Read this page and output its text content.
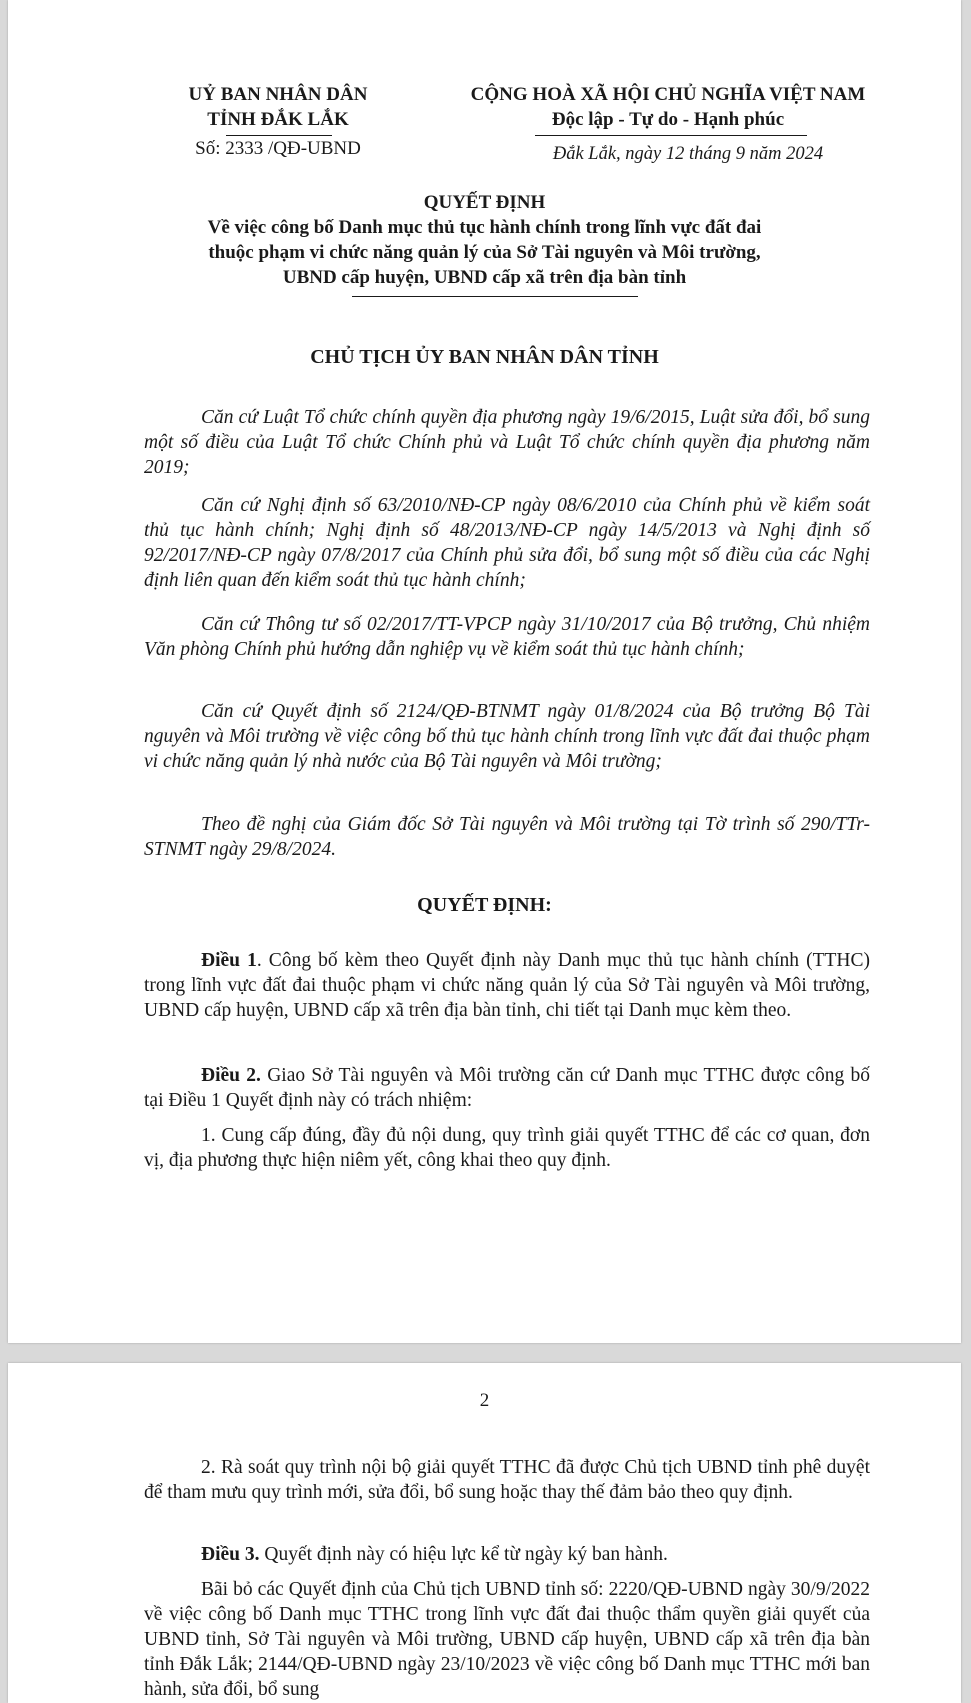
UỶ BAN NHÂN DÂN
TỈNH ĐẮK LẮK
Số: 2333 /QĐ-UBND
CỘNG HOÀ XÃ HỘI CHỦ NGHĨA VIỆT NAM
Độc lập - Tự do - Hạnh phúc
Đắk Lắk, ngày 12 tháng 9 năm 2024
QUYẾT ĐỊNH
Về việc công bố Danh mục thủ tục hành chính trong lĩnh vực đất đai
thuộc phạm vi chức năng quản lý của Sở Tài nguyên và Môi trường,
UBND cấp huyện, UBND cấp xã trên địa bàn tỉnh
CHỦ TỊCH ỦY BAN NHÂN DÂN TỈNH
Căn cứ Luật Tổ chức chính quyền địa phương ngày 19/6/2015, Luật sửa đổi, bổ sung một số điều của Luật Tổ chức Chính phủ và Luật Tổ chức chính quyền địa phương năm 2019;
Căn cứ Nghị định số 63/2010/NĐ-CP ngày 08/6/2010 của Chính phủ về kiểm soát thủ tục hành chính; Nghị định số 48/2013/NĐ-CP ngày 14/5/2013 và Nghị định số 92/2017/NĐ-CP ngày 07/8/2017 của Chính phủ sửa đổi, bổ sung một số điều của các Nghị định liên quan đến kiểm soát thủ tục hành chính;
Căn cứ Thông tư số 02/2017/TT-VPCP ngày 31/10/2017 của Bộ trưởng, Chủ nhiệm Văn phòng Chính phủ hướng dẫn nghiệp vụ về kiểm soát thủ tục hành chính;
Căn cứ Quyết định số 2124/QĐ-BTNMT ngày 01/8/2024 của Bộ trưởng Bộ Tài nguyên và Môi trường về việc công bố thủ tục hành chính trong lĩnh vực đất đai thuộc phạm vi chức năng quản lý nhà nước của Bộ Tài nguyên và Môi trường;
Theo đề nghị của Giám đốc Sở Tài nguyên và Môi trường tại Tờ trình số 290/TTr-STNMT ngày 29/8/2024.
QUYẾT ĐỊNH:
Điều 1. Công bố kèm theo Quyết định này Danh mục thủ tục hành chính (TTHC) trong lĩnh vực đất đai thuộc phạm vi chức năng quản lý của Sở Tài nguyên và Môi trường, UBND cấp huyện, UBND cấp xã trên địa bàn tỉnh, chi tiết tại Danh mục kèm theo.
Điều 2. Giao Sở Tài nguyên và Môi trường căn cứ Danh mục TTHC được công bố tại Điều 1 Quyết định này có trách nhiệm:
1. Cung cấp đúng, đầy đủ nội dung, quy trình giải quyết TTHC để các cơ quan, đơn vị, địa phương thực hiện niêm yết, công khai theo quy định.
2
2. Rà soát quy trình nội bộ giải quyết TTHC đã được Chủ tịch UBND tỉnh phê duyệt để tham mưu quy trình mới, sửa đổi, bổ sung hoặc thay thế đảm bảo theo quy định.
Điều 3. Quyết định này có hiệu lực kể từ ngày ký ban hành.
Bãi bỏ các Quyết định của Chủ tịch UBND tỉnh số: 2220/QĐ-UBND ngày 30/9/2022 về việc công bố Danh mục TTHC trong lĩnh vực đất đai thuộc thẩm quyền giải quyết của UBND tỉnh, Sở Tài nguyên và Môi trường, UBND cấp huyện, UBND cấp xã trên địa bàn tỉnh Đắk Lắk; 2144/QĐ-UBND ngày 23/10/2023 về việc công bố Danh mục TTHC mới ban hành, sửa đổi, bổ sung
